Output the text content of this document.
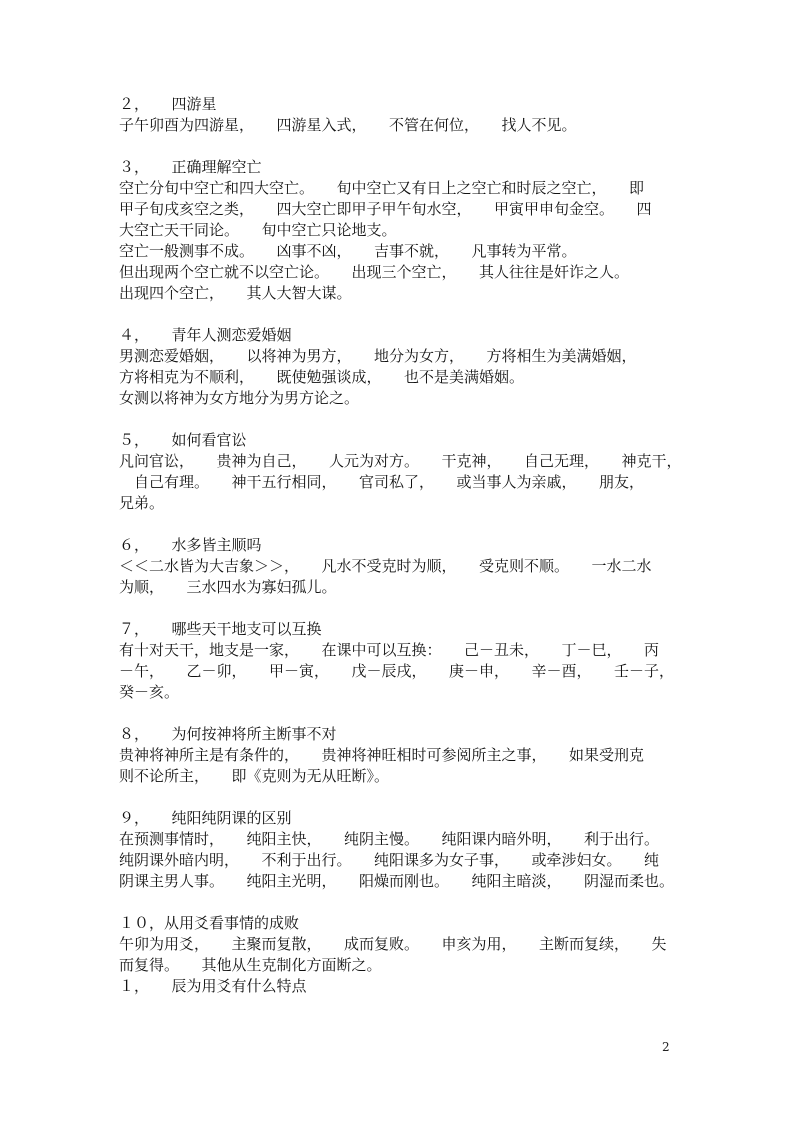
２，　　四游星
子午卯酉为四游星，　　四游星入式，　　不管在何位，　　找人不见。
３，　　正确理解空亡
空亡分旬中空亡和四大空亡。　　旬中空亡又有日上之空亡和时辰之空亡，　　即
甲子旬戌亥空之类，　　四大空亡即甲子甲午旬水空，　　甲寅甲申旬金空。　　四
大空亡天干同论。　　旬中空亡只论地支。
空亡一般测事不成。　　凶事不凶，　　吉事不就，　　凡事转为平常。
但出现两个空亡就不以空亡论。　　出现三个空亡，　　其人往往是奸诈之人。
出现四个空亡，　　其人大智大谋。
４，　　青年人测恋爱婚姻
男测恋爱婚姻，　　以将神为男方，　　地分为女方，　　方将相生为美满婚姻，
方将相克为不顺利，　　既使勉强谈成，　　也不是美满婚姻。
女测以将神为女方地分为男方论之。
５，　　如何看官讼
凡问官讼，　　贵神为自己，　　人元为对方。　　干克神，　　自己无理，　　神克干，
　自己有理。　　神干五行相同，　　官司私了，　　或当事人为亲戚，　　朋友，
兄弟。
６，　　水多皆主顺吗
＜＜二水皆为大吉象＞＞，　　凡水不受克时为顺，　　受克则不顺。　　一水二水
为顺，　　三水四水为寡妇孤儿。
７，　　哪些天干地支可以互换
有十对天干，地支是一家，　　在课中可以互换：　　己－丑未，　　丁－巳，　　丙
－午，　　乙－卯，　　甲－寅，　　戊－辰戌，　　庚－申，　　辛－酉，　　壬－子，
癸－亥。
８，　　为何按神将所主断事不对
贵神将神所主是有条件的，　　贵神将神旺相时可参阅所主之事，　　如果受刑克
则不论所主，　　即《克则为无从旺断》。
９，　　纯阳纯阴课的区别
在预测事情时，　　纯阳主快，　　纯阴主慢。　　纯阳课内暗外明，　　利于出行。
纯阴课外暗内明，　　不利于出行。　　纯阳课多为女子事，　　或牵涉妇女。　　纯
阴课主男人事。　　纯阳主光明，　　阳燥而刚也。　　纯阳主暗淡，　　阴湿而柔也。
１０，从用爻看事情的成败
午卯为用爻，　　主聚而复散，　　成而复败。　　申亥为用，　　主断而复续，　　失
而复得。　　其他从生克制化方面断之。
１，　　辰为用爻有什么特点
2
